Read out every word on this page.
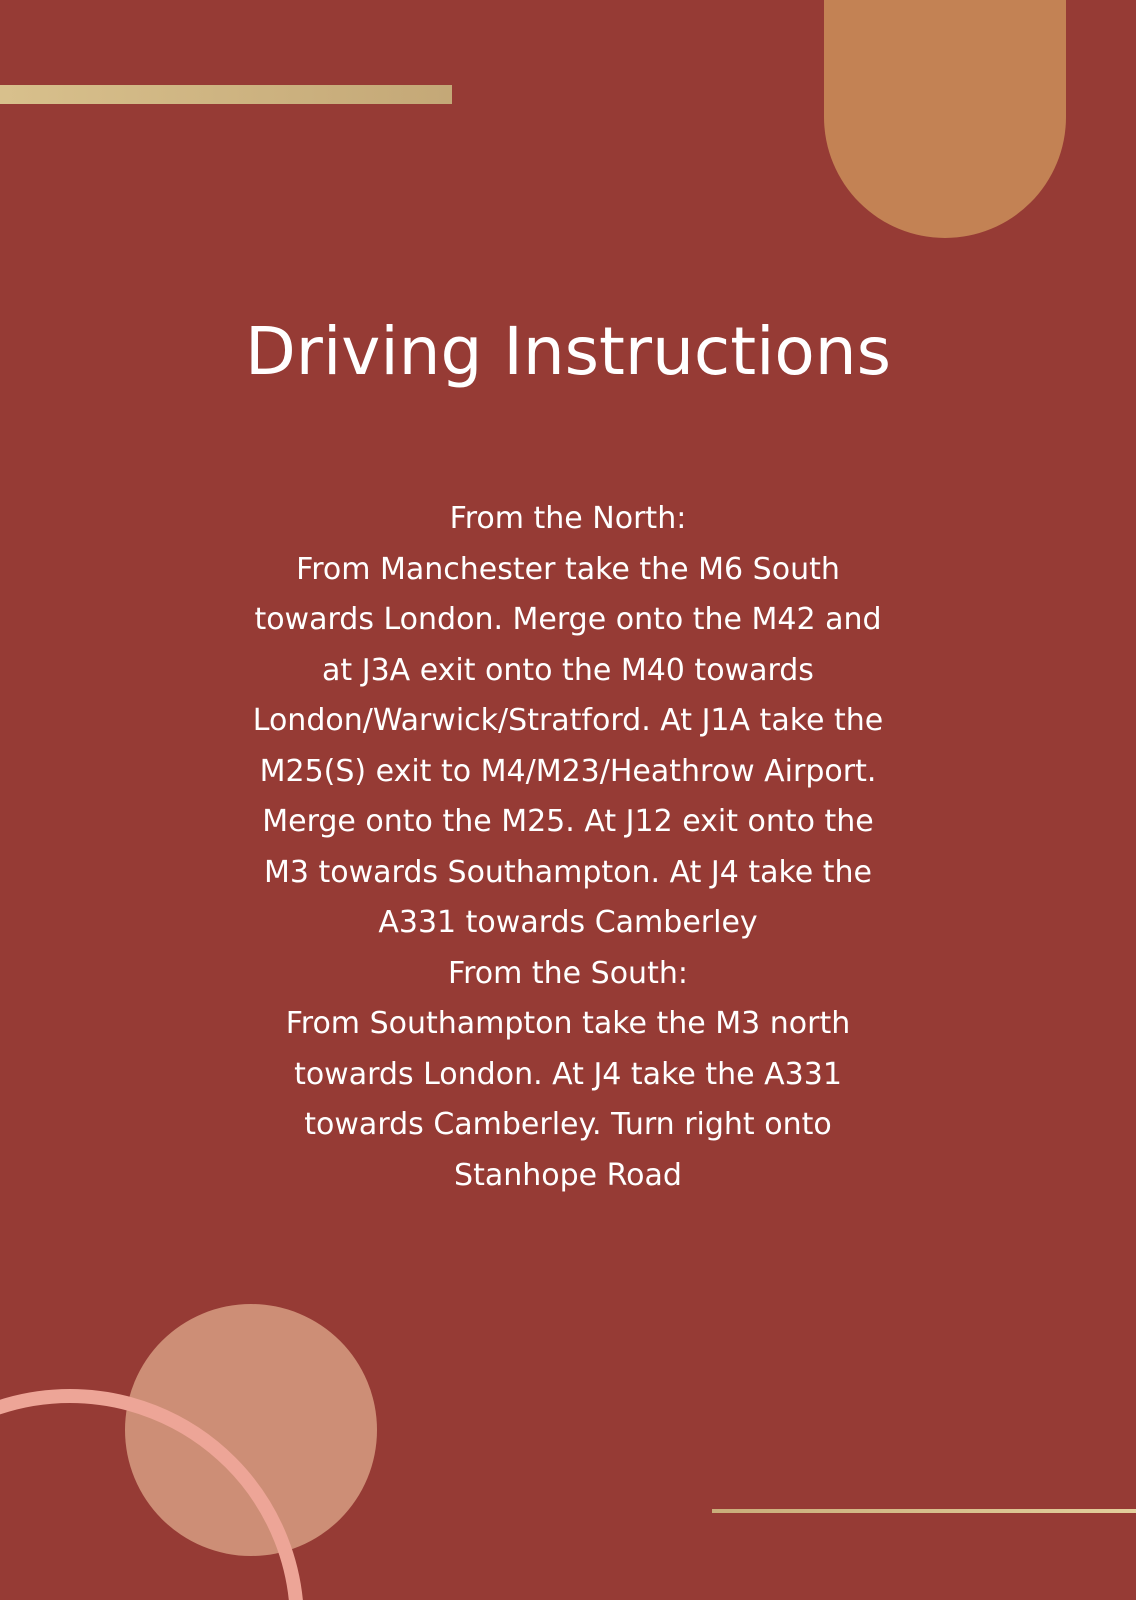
Driving Instructions
From the North:
From Manchester take the M6 South
towards London. Merge onto the M42 and
at J3A exit onto the M40 towards
London/Warwick/Stratford. At J1A take the
M25(S) exit to M4/M23/Heathrow Airport.
Merge onto the M25. At J12 exit onto the
M3 towards Southampton. At J4 take the
A331 towards Camberley
From the South:
From Southampton take the M3 north
towards London. At J4 take the A331
towards Camberley. Turn right onto
Stanhope Road
